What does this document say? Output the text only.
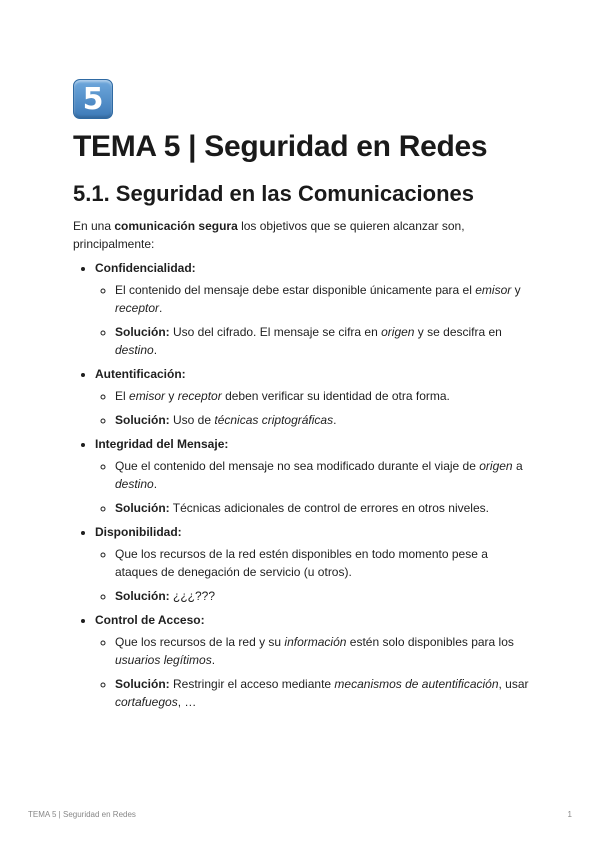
5
TEMA 5 | Seguridad en Redes
5.1. Seguridad en las Comunicaciones

En una comunicación segura los objetivos que se quieren alcanzar son, principalmente:

• Confidencialidad:
◦ El contenido del mensaje debe estar disponible únicamente para el emisor y receptor.
◦ Solución: Uso del cifrado. El mensaje se cifra en origen y se descifra en destino.
• Autentificación:
◦ El emisor y receptor deben verificar su identidad de otra forma.
◦ Solución: Uso de técnicas criptográficas.
• Integridad del Mensaje:
◦ Que el contenido del mensaje no sea modificado durante el viaje de origen a destino.
◦ Solución: Técnicas adicionales de control de errores en otros niveles.
• Disponibilidad:
◦ Que los recursos de la red estén disponibles en todo momento pese a ataques de denegación de servicio (u otros).
◦ Solución: ¿¿¿???
• Control de Acceso:
◦ Que los recursos de la red y su información estén solo disponibles para los usuarios legítimos.
◦ Solución: Restringir el acceso mediante mecanismos de autentificación, usar cortafuegos, …
TEMA 5 | Seguridad en Redes	1
